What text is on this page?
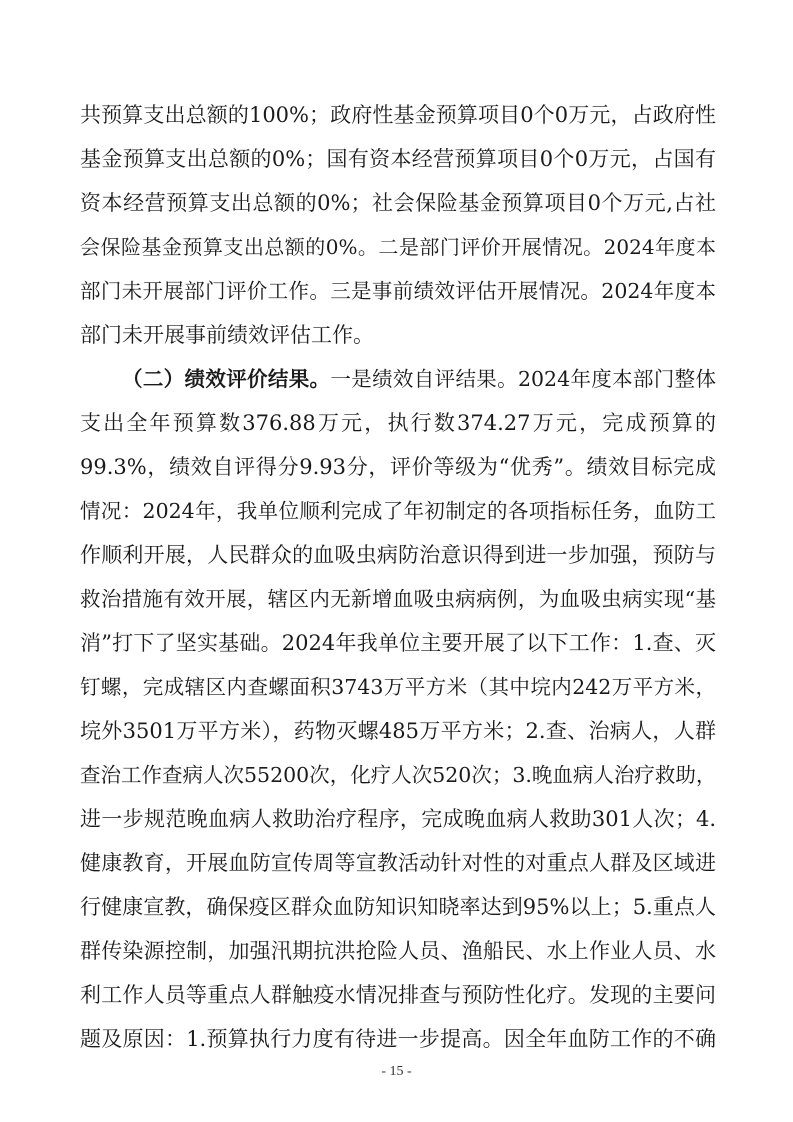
共预算支出总额的100%；政府性基金预算项目0个0万元，占政府性
基金预算支出总额的0%；国有资本经营预算项目0个0万元，占国有
资本经营预算支出总额的0%；社会保险基金预算项目0个万元,占社
会保险基金预算支出总额的0%。二是部门评价开展情况。2024年度本
部门未开展部门评价工作。三是事前绩效评估开展情况。2024年度本
部门未开展事前绩效评估工作。
（二）绩效评价结果。一是绩效自评结果。2024年度本部门整体
支出全年预算数376.88万元，执行数374.27万元，完成预算的
99.3%，绩效自评得分9.93分，评价等级为“优秀”。绩效目标完成
情况：2024年，我单位顺利完成了年初制定的各项指标任务，血防工
作顺利开展，人民群众的血吸虫病防治意识得到进一步加强，预防与
救治措施有效开展，辖区内无新增血吸虫病病例，为血吸虫病实现“基
消”打下了坚实基础。2024年我单位主要开展了以下工作：1.查、灭
钉螺，完成辖区内查螺面积3743万平方米（其中垸内242万平方米，
垸外3501万平方米），药物灭螺485万平方米；2.查、治病人，人群
查治工作查病人次55200次，化疗人次520次；3.晚血病人治疗救助，
进一步规范晚血病人救助治疗程序，完成晚血病人救助301人次；4.
健康教育，开展血防宣传周等宣教活动针对性的对重点人群及区域进
行健康宣教，确保疫区群众血防知识知晓率达到95%以上；5.重点人
群传染源控制，加强汛期抗洪抢险人员、渔船民、水上作业人员、水
利工作人员等重点人群触疫水情况排查与预防性化疗。发现的主要问
题及原因：1.预算执行力度有待进一步提高。因全年血防工作的不确
- 15 -
